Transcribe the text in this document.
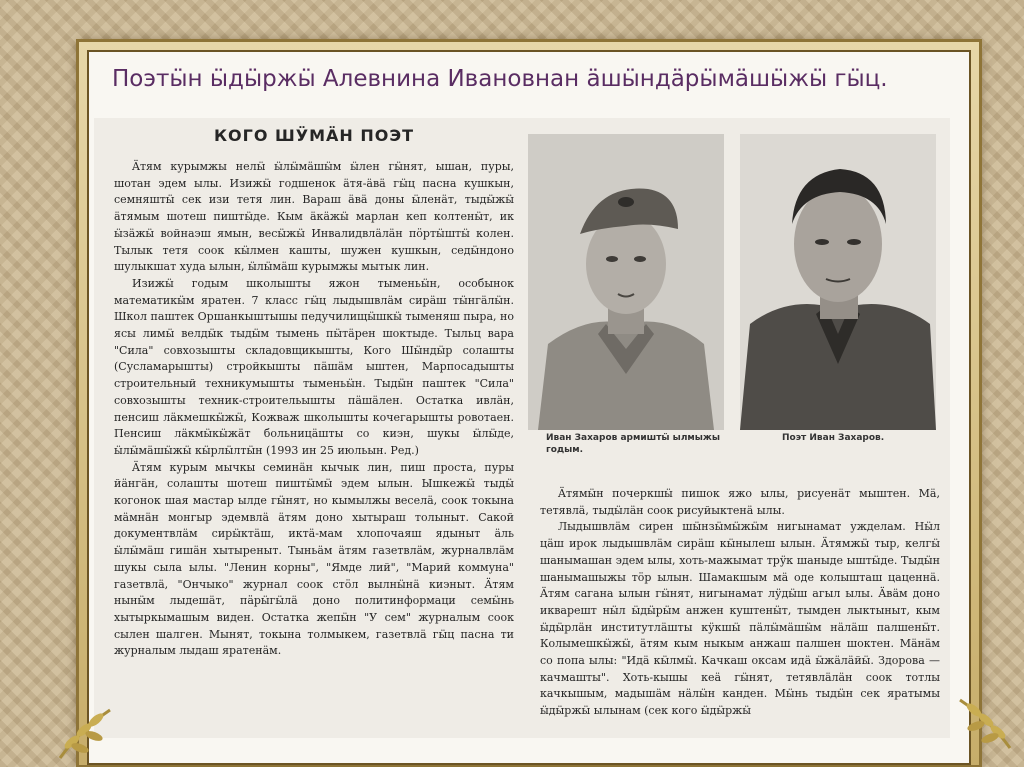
Поэтӹн ӹдӹржӹ Алевнина Ивановнан äшӹндäрӹмäшӹжӹ гӹц.
КОГО ШӰМÄН ПОЭТ

Äтям курымжы нелӹ ӹлӹмäшӹм ӹлен гӹнят, ышан, пуры, шотан эдем ылы. Изижӹ годшенок äтя-äвä гӹц пасна кушкын, семняштӹ сек изи тетя лин. Вараш äвä доны ӹленäт, тыдӹжӹ äтямым шотеш пиштӹде. Кым äкäжӹ марлан кеп колтенӹт, ик ӹзäжӹ войнаэш ямын, весӹжӹ Инвалидвлäлäн пӧртӹштӹ колен. Тылык тетя соок кӹлмен кашты, шужен кушкын, седӹндоно шулыкшат худа ылын, ӹлӹмäш курымжы мытык лин.

Изижӹ годым школышты яжон тыменьӹн, особынок математикӹм яратен. 7 класс гӹц лыдышвлäм сирäш тӹнгäлӹн. Школ паштек Оршанкыштышы педучилищӹшкӹ тыменяш пыра, но ясы лимӹ велдӹк тыдӹм тымень пӹтäрен шоктыде. Тыльц вара "Сила" совхозышты складовщикышты, Кого Шӹндӹр солашты (Сусламарышты) стройкышты пäшäм ыштен, Марпосадышты строительный техникумышты тыменьӹн. Тыдӹн паштек "Сила" совхозышты техник-строительышты пäшäлен. Остатка ивлäн, пенсиш лäкмешкӹжӹ, Кожваж школышты кочегарышты ровотаен. Пенсиш лäкмӹкӹжäт больницäшты со киэн, шукы ӹлӹде, ӹлӹмäшӹжӹ кӹрлӹлтӹн (1993 ин 25 июльын. Ред.)

Äтям курым мычкы семинäн кычык лин, пиш проста, пуры йäнгäн, солашты шотеш пиштӹмӹ эдем ылын. Ышкежӹ тыдӹ когонок шая мастар ылде гӹнят, но кымылжы веселä, соок токына мäмнäн монгыр эдемвлä äтям доно хытыраш толыныт. Сакой документвлäм сирӹктäш, иктä-мам хлопочаяш ядыныт äль ӹлӹмäш гишäн хытыреныт. Тыньäм äтям газетвлäм, журналвлäм шукы сыла ылы. "Ленин корны", "Ямде лий", "Марий коммуна" газетвлä, "Ончыко" журнал соок стӧл вылнӹнä киэныт. Äтям нынӹм лыдешäт, пӓрӹгӹлä доно политинформаци семӹнь хытыркымашым виден. Остатка жепӹн "У сем" журналым соок сылен шалген. Мынят, токына толмыкем, газетвлä гӹц пасна ти журналым лыдаш яратенäм.

Иван Захаров армиштӹ ылмыжы годым.
Поэт Иван Захаров.

Äтямӹн почеркшӹ пишок яжо ылы, рисуенäт мыштен. Мä, тетявлä, тыдӹлäн соок рисуйыктенä ылы.

Лыдышвлäм сирен шӹнзӹмӹжӹм нигынамат ужделам. Нӹл цäш ирок лыдышвлäм сирäш кӹнылеш ылын. Äтямжӹ тыр, келгӹ шанымашан эдем ылы, хоть-мажымат трӱк шаныде ыштӹде. Тыдӹн шанымашыжы тӧр ылын. Шамакшым мä оде колышташ цаценнä. Äтям сагана ылын гӹнят, нигынамат лӱдӹш агыл ылы. Äвäм доно икварешт нӹл ӹдӹрӹм анжен куштенӹт, тымден лыктыныт, кым ӹдӹрлäн институтлäшты кӱкшӹ пäлӹмäшӹм нäлäш палшенӹт. Колымешкӹжӹ, äтям кым ныкым анжаш палшен шоктен. Мäнäм со попа ылы: "Идä кӹлмӹ. Качкаш оксам идä ӹжäлäйӹ. Здорова — качмашты". Хоть-кышы кеä гӹнят, тетявлäлäн соок тотлы качкышым, мадышäм нäлӹн канден. Мӹнь тыдӹн сек яратымы ӹдӹржӹ ылынам (сек кого ӹдӹржӹ
